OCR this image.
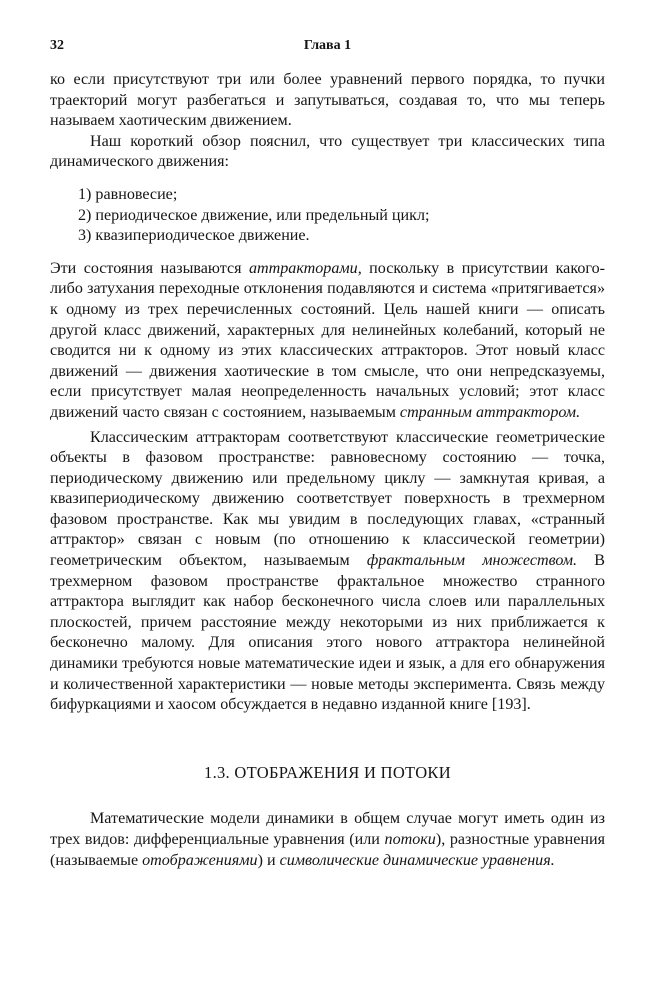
32	Глава 1

ко если присутствуют три или более уравнений первого порядка, то пучки траекторий могут разбегаться и запутываться, создавая то, что мы теперь называем хаотическим движением.

Наш короткий обзор пояснил, что существует три классических типа динамического движения:

1) равновесие;
2) периодическое движение, или предельный цикл;
3) квазипериодическое движение.

Эти состояния называются аттракторами, поскольку в присутствии какого-либо затухания переходные отклонения подавляются и система «притягивается» к одному из трех перечисленных состояний. Цель нашей книги — описать другой класс движений, характерных для нелинейных колебаний, который не сводится ни к одному из этих классических аттракторов. Этот новый класс движений — движения хаотические в том смысле, что они непредсказуемы, если присутствует малая неопределенность начальных условий; этот класс движений часто связан с состоянием, называемым странным аттрактором.

Классическим аттракторам соответствуют классические геометрические объекты в фазовом пространстве: равновесному состоянию — точка, периодическому движению или предельному циклу — замкнутая кривая, а квазипериодическому движению соответствует поверхность в трехмерном фазовом пространстве. Как мы увидим в последующих главах, «странный аттрактор» связан с новым (по отношению к классической геометрии) геометрическим объектом, называемым фрактальным множеством. В трехмерном фазовом пространстве фрактальное множество странного аттрактора выглядит как набор бесконечного числа слоев или параллельных плоскостей, причем расстояние между некоторыми из них приближается к бесконечно малому. Для описания этого нового аттрактора нелинейной динамики требуются новые математические идеи и язык, а для его обнаружения и количественной характеристики — новые методы эксперимента. Связь между бифуркациями и хаосом обсуждается в недавно изданной книге [193].

1.3. ОТОБРАЖЕНИЯ И ПОТОКИ

Математические модели динамики в общем случае могут иметь один из трех видов: дифференциальные уравнения (или потоки), разностные уравнения (называемые отображениями) и символические динамические уравнения.
